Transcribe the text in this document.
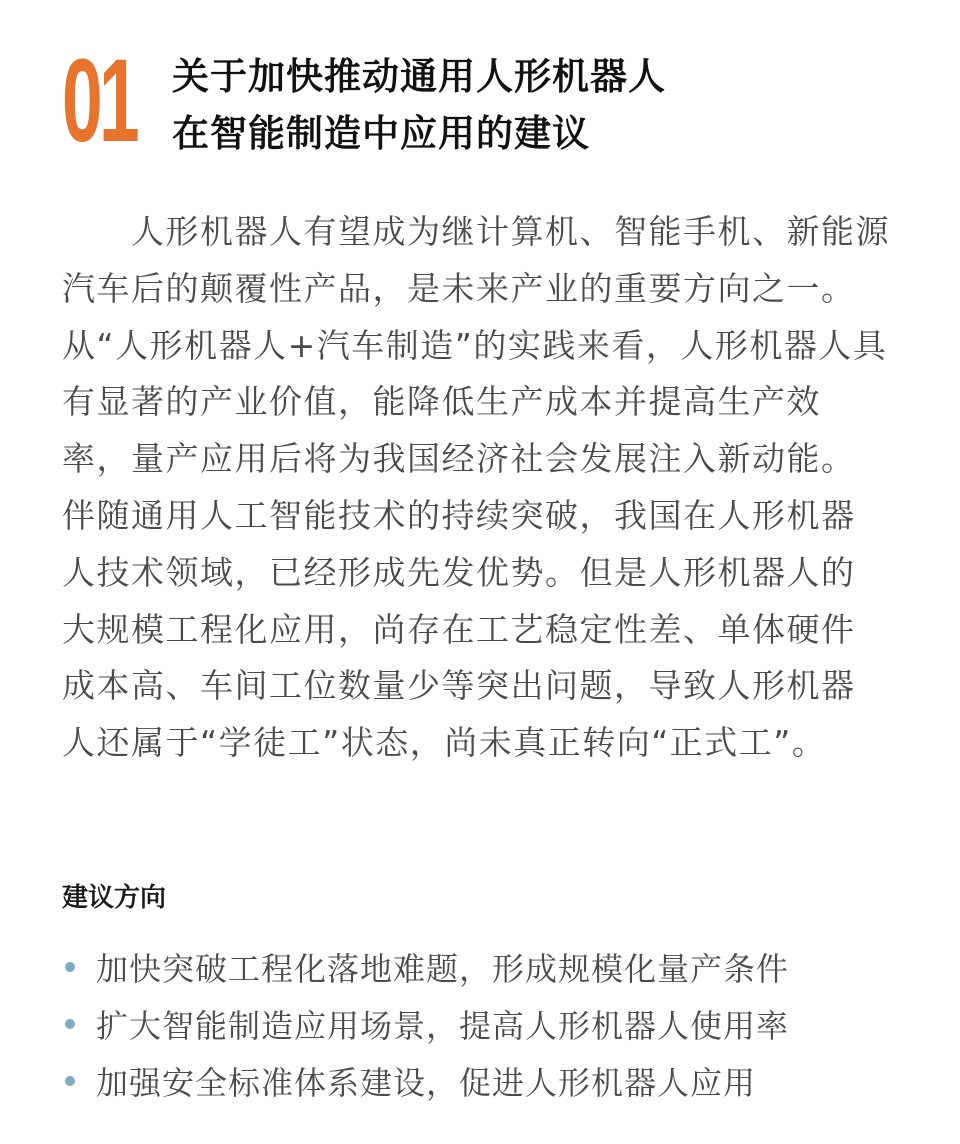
01 关于加快推动通用人形机器人
在智能制造中应用的建议
　　人形机器人有望成为继计算机、智能手机、新能源
汽车后的颠覆性产品，是未来产业的重要方向之一。
从“人形机器人+汽车制造”的实践来看，人形机器人具
有显著的产业价值，能降低生产成本并提高生产效
率，量产应用后将为我国经济社会发展注入新动能。
伴随通用人工智能技术的持续突破，我国在人形机器
人技术领域，已经形成先发优势。但是人形机器人的
大规模工程化应用，尚存在工艺稳定性差、单体硬件
成本高、车间工位数量少等突出问题，导致人形机器
人还属于“学徒工”状态，尚未真正转向“正式工”。
建议方向
加快突破工程化落地难题，形成规模化量产条件
扩大智能制造应用场景，提高人形机器人使用率
加强安全标准体系建设，促进人形机器人应用
